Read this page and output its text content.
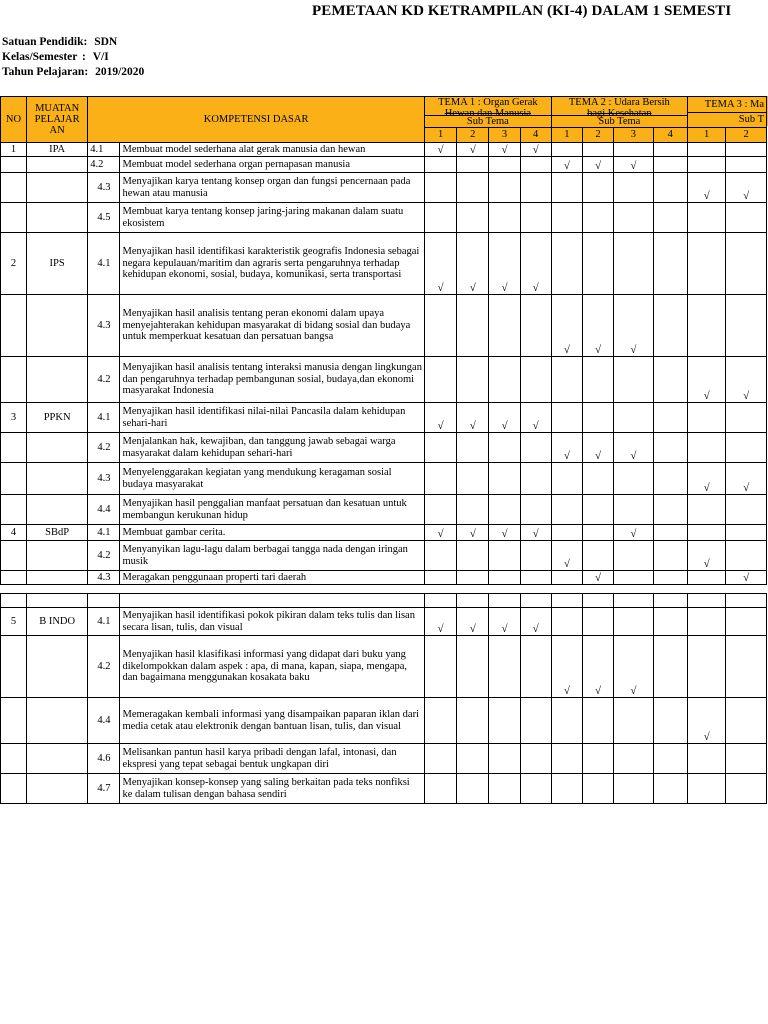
PEMETAAN KD KETRAMPILAN (KI-4) DALAM 1 SEMESTI
Satuan Pendidik: SDN
Kelas/Semester : V/I
Tahun Pelajaran: 2019/2020
NO	MUATAN PELAJAR AN	KOMPETENSI DASAR		TEMA 1 : Organ Gerak
Hewan dan Manusia
Sub Tema				TEMA 2 : Udara Bersih
bagi Kesehatan
Sub Tema				TEMA 3 : Ma	
												Sub T	
				1	2	3	4	1	2	3	4	1	2
1	IPA	4.1	Membuat model sederhana alat gerak manusia dan hewan	√	√	√	√						
		4.2	Membuat model sederhana organ pernapasan manusia					√	√	√			
		4.3	Menyajikan karya tentang konsep organ dan fungsi pencernaan pada hewan atau manusia									√	√
		4.5	Membuat karya tentang konsep jaring-jaring makanan dalam suatu ekosistem										
2	IPS	4.1	Menyajikan hasil identifikasi karakteristik geografis Indonesia sebagai negara kepulauan/maritim dan agraris serta pengaruhnya terhadap kehidupan ekonomi, sosial, budaya, komunikasi, serta transportasi	√	√	√	√						
		4.3	Menyajikan hasil analisis tentang peran ekonomi dalam upaya menyejahterakan kehidupan masyarakat di bidang sosial dan budaya untuk memperkuat kesatuan dan persatuan bangsa					√	√	√			
		4.2	Menyajikan hasil analisis tentang interaksi manusia dengan lingkungan dan pengaruhnya terhadap pembangunan sosial, budaya,dan ekonomi masyarakat Indonesia									√	√
3	PPKN	4.1	Menyajikan hasil identifikasi nilai-nilai Pancasila dalam kehidupan sehari-hari	√	√	√	√						
		4.2	Menjalankan hak, kewajiban, dan tanggung jawab sebagai warga masyarakat dalam kehidupan sehari-hari					√	√	√			
		4.3	Menyelenggarakan kegiatan yang mendukung keragaman sosial budaya masyarakat									√	√
		4.4	Menyajikan hasil penggalian manfaat persatuan dan kesatuan untuk membangun kerukunan hidup										
4	SBdP	4.1	Membuat gambar cerita.	√	√	√	√			√			
		4.2	Menyanyikan lagu-lagu dalam berbagai tangga nada dengan iringan musik					√				√	
		4.3	Meragakan penggunaan properti tari daerah						√				√

5	B INDO	4.1	Menyajikan hasil identifikasi pokok pikiran dalam teks tulis dan lisan secara lisan, tulis, dan visual	√	√	√	√						
		4.2	Menyajikan hasil klasifikasi informasi yang didapat dari buku yang dikelompokkan dalam aspek : apa, di mana, kapan, siapa, mengapa, dan bagaimana menggunakan kosakata baku					√	√	√			
		4.4	Memeragakan kembali informasi yang disampaikan paparan iklan dari media cetak atau elektronik dengan bantuan lisan, tulis, dan visual									√	
		4.6	Melisankan pantun hasil karya pribadi dengan lafal, intonasi, dan ekspresi yang tepat sebagai bentuk ungkapan diri										
		4.7	Menyajikan konsep-konsep yang saling berkaitan pada teks nonfiksi ke dalam tulisan dengan bahasa sendiri										
